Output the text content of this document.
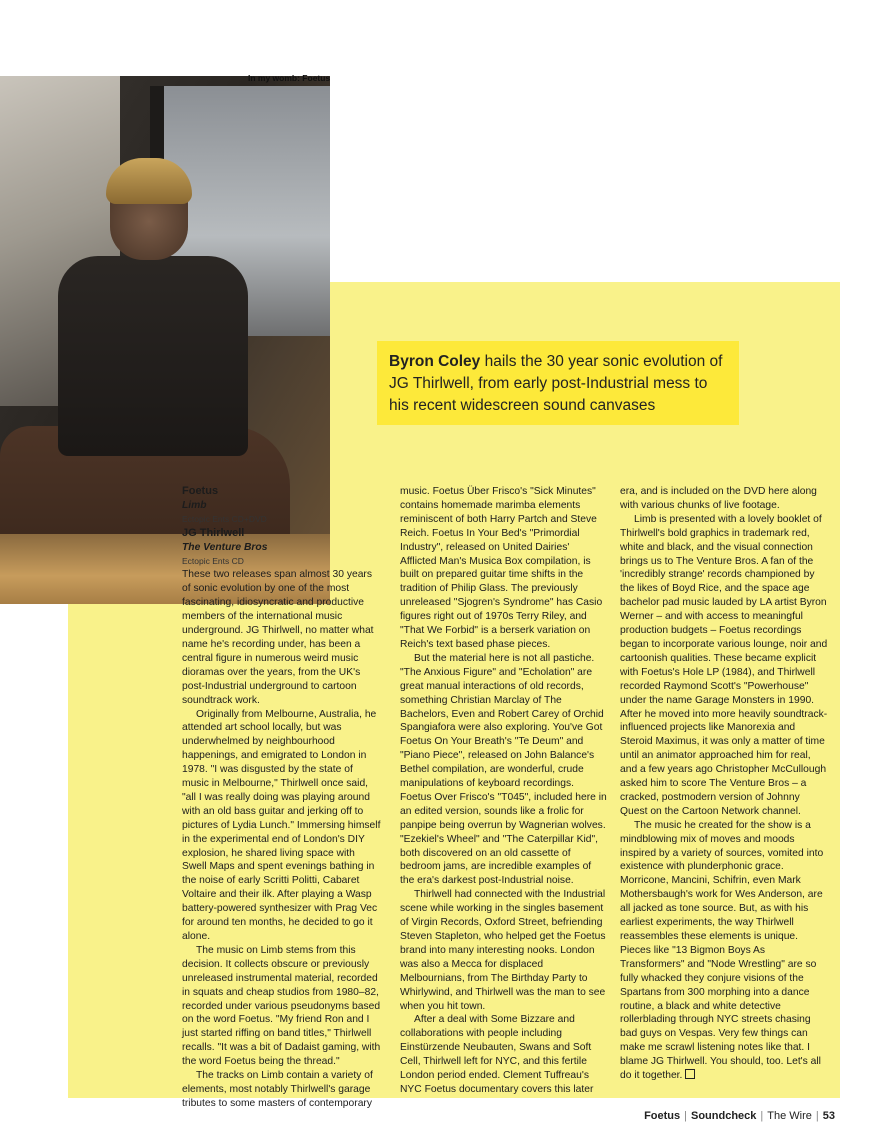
In my womb: Foetus
Byron Coley hails the 30 year sonic evolution of JG Thirlwell, from early post-Industrial mess to his recent widescreen sound canvases
Foetus
Limb
Ectopic Ents CD+DVD
JG Thirlwell
The Venture Bros
Ectopic Ents CD

These two releases span almost 30 years of sonic evolution by one of the most fascinating, idiosyncratic and productive members of the international music underground. JG Thirlwell, no matter what name he's recording under, has been a central figure in numerous weird music dioramas over the years, from the UK's post-Industrial underground to cartoon soundtrack work.

Originally from Melbourne, Australia, he attended art school locally, but was underwhelmed by neighbourhood happenings, and emigrated to London in 1978. "I was disgusted by the state of music in Melbourne," Thirlwell once said, "all I was really doing was playing around with an old bass guitar and jerking off to pictures of Lydia Lunch." Immersing himself in the experimental end of London's DIY explosion, he shared living space with Swell Maps and spent evenings bathing in the noise of early Scritti Politti, Cabaret Voltaire and their ilk. After playing a Wasp battery-powered synthesizer with Prag Vec for around ten months, he decided to go it alone.

The music on Limb stems from this decision. It collects obscure or previously unreleased instrumental material, recorded in squats and cheap studios from 1980–82, recorded under various pseudonyms based on the word Foetus. "My friend Ron and I just started riffing on band titles," Thirlwell recalls. "It was a bit of Dadaist gaming, with the word Foetus being the thread."

The tracks on Limb contain a variety of elements, most notably Thirlwell's garage tributes to some masters of contemporary

music. Foetus Über Frisco's "Sick Minutes" contains homemade marimba elements reminiscent of both Harry Partch and Steve Reich. Foetus In Your Bed's "Primordial Industry", released on United Dairies' Afflicted Man's Musica Box compilation, is built on prepared guitar time shifts in the tradition of Philip Glass. The previously unreleased "Sjogren's Syndrome" has Casio figures right out of 1970s Terry Riley, and "That We Forbid" is a berserk variation on Reich's text based phase pieces.

But the material here is not all pastiche. "The Anxious Figure" and "Echolation" are great manual interactions of old records, something Christian Marclay of The Bachelors, Even and Robert Carey of Orchid Spangiafora were also exploring. You've Got Foetus On Your Breath's "Te Deum" and "Piano Piece", released on John Balance's Bethel compilation, are wonderful, crude manipulations of keyboard recordings. Foetus Over Frisco's "T045", included here in an edited version, sounds like a frolic for panpipe being overrun by Wagnerian wolves. "Ezekiel's Wheel" and "The Caterpillar Kid", both discovered on an old cassette of bedroom jams, are incredible examples of the era's darkest post-Industrial noise.

Thirlwell had connected with the Industrial scene while working in the singles basement of Virgin Records, Oxford Street, befriending Steven Stapleton, who helped get the Foetus brand into many interesting nooks. London was also a Mecca for displaced Melbournians, from The Birthday Party to Whirlywind, and Thirlwell was the man to see when you hit town.

After a deal with Some Bizzare and collaborations with people including Einstürzende Neubauten, Swans and Soft Cell, Thirlwell left for NYC, and this fertile London period ended. Clement Tuffreau's NYC Foetus documentary covers this later

era, and is included on the DVD here along with various chunks of live footage.

Limb is presented with a lovely booklet of Thirlwell's bold graphics in trademark red, white and black, and the visual connection brings us to The Venture Bros. A fan of the 'incredibly strange' records championed by the likes of Boyd Rice, and the space age bachelor pad music lauded by LA artist Byron Werner – and with access to meaningful production budgets – Foetus recordings began to incorporate various lounge, noir and cartoonish qualities. These became explicit with Foetus's Hole LP (1984), and Thirlwell recorded Raymond Scott's "Powerhouse" under the name Garage Monsters in 1990. After he moved into more heavily soundtrack-influenced projects like Manorexia and Steroid Maximus, it was only a matter of time until an animator approached him for real, and a few years ago Christopher McCullough asked him to score The Venture Bros – a cracked, postmodern version of Johnny Quest on the Cartoon Network channel.

The music he created for the show is a mindblowing mix of moves and moods inspired by a variety of sources, vomited into existence with plunderphonic grace. Morricone, Mancini, Schifrin, even Mark Mothersbaugh's work for Wes Anderson, are all jacked as tone source. But, as with his earliest experiments, the way Thirlwell reassembles these elements is unique. Pieces like "13 Bigmon Boys As Transformers" and "Node Wrestling" are so fully whacked they conjure visions of the Spartans from 300 morphing into a dance routine, a black and white detective rollerblading through NYC streets chasing bad guys on Vespas. Very few things can make me scrawl listening notes like that. I blame JG Thirlwell. You should, too. Let's all do it together.

Foetus | Soundcheck | The Wire | 53
